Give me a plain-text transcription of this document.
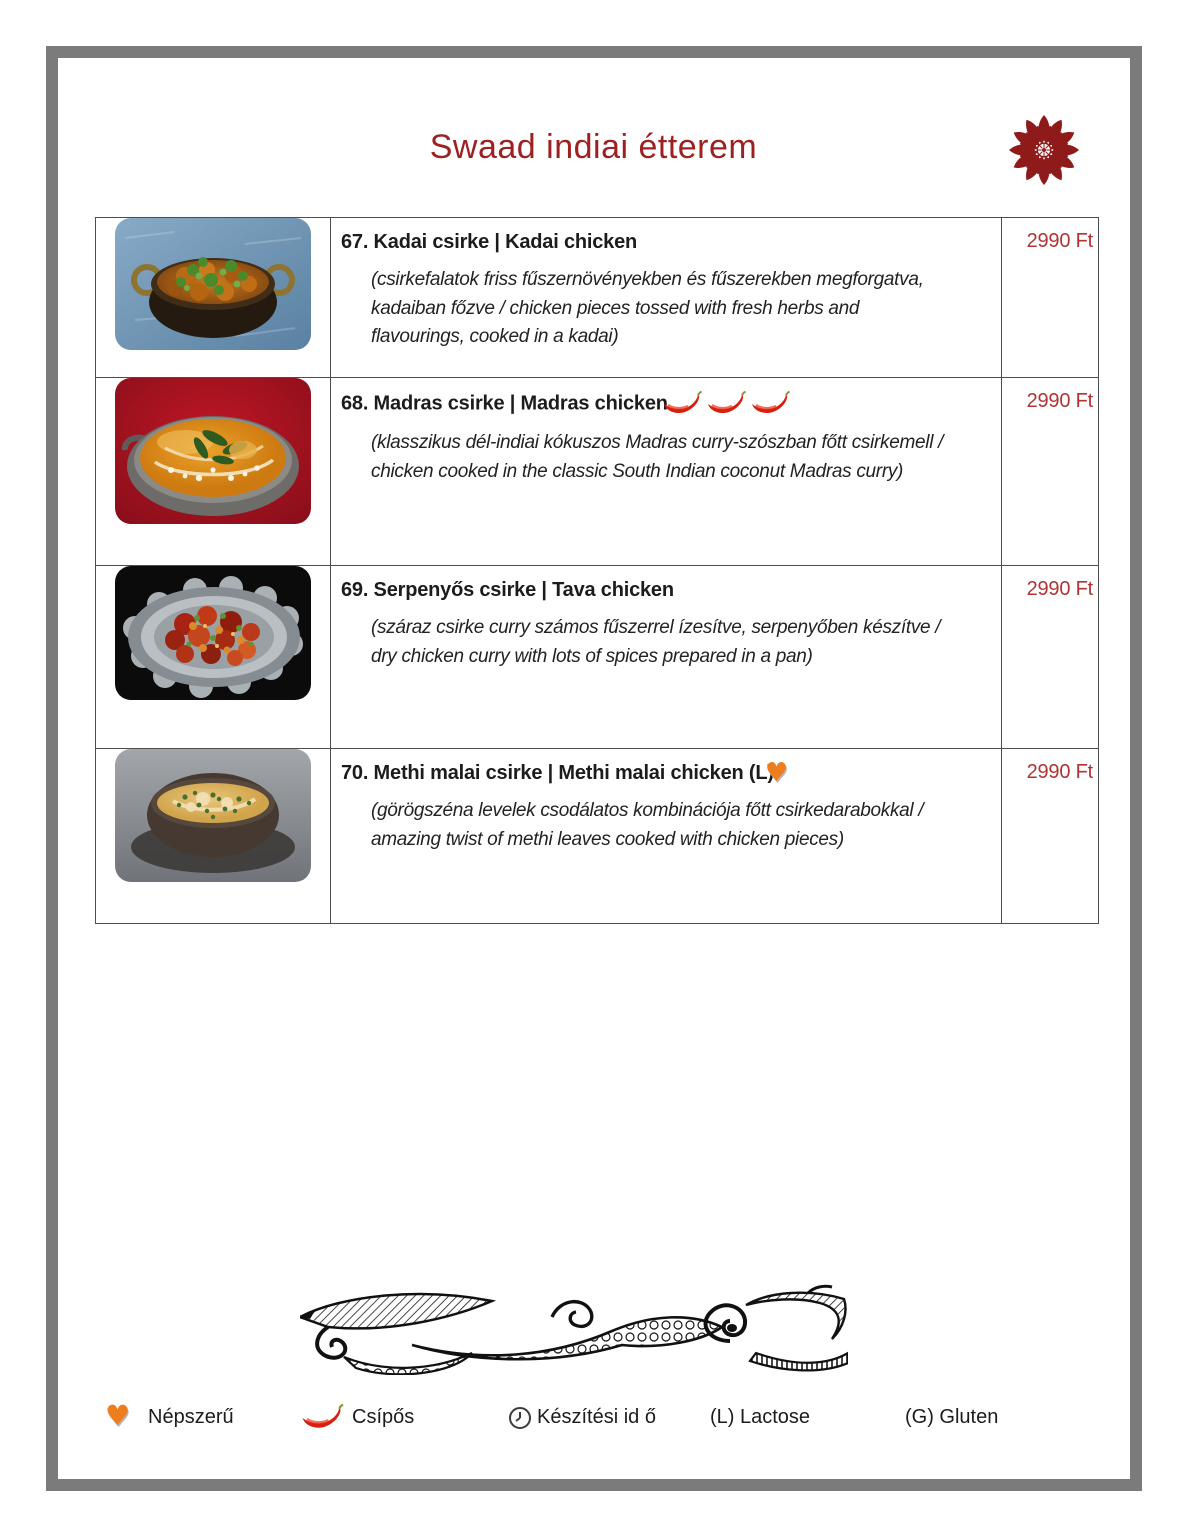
Swaad indiai étterem

67. Kadai csirke | Kadai chicken

(csirkefalatok friss fűszernövényekben és fűszerekben megforgatva, kadaiban főzve / chicken pieces tossed with fresh herbs and flavourings, cooked in a kadai)	2990 Ft

68. Madras csirke | Madras chicken

(klasszikus dél-indiai kókuszos Madras curry-szószban főtt csirkemell / chicken cooked in the classic South Indian coconut Madras curry)	2990 Ft

69. Serpenyős csirke | Tava chicken

(száraz csirke curry számos fűszerrel ízesítve, serpenyőben készítve / dry chicken curry with lots of spices prepared in a pan)	2990 Ft

70. Methi malai csirke | Methi malai chicken (L)♥

(görögszéna levelek csodálatos kombinációja főtt csirkedarabokkal / amazing twist of methi leaves cooked with chicken pieces)	2990 Ft
♥ Népszerű	Csípős	Készítési id ő	(L) Lactose	(G) Gluten
